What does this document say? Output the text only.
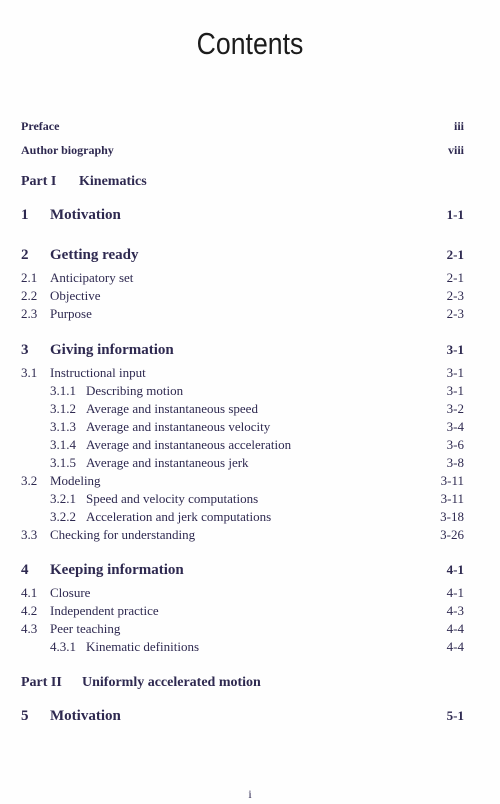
Contents
Preface	iii
Author biography	viii
Part I Kinematics
1 Motivation	1-1
2 Getting ready	2-1
2.1 Anticipatory set	2-1
2.2 Objective	2-3
2.3 Purpose	2-3
3 Giving information	3-1
3.1 Instructional input	3-1
3.1.1 Describing motion	3-1
3.1.2 Average and instantaneous speed	3-2
3.1.3 Average and instantaneous velocity	3-4
3.1.4 Average and instantaneous acceleration	3-6
3.1.5 Average and instantaneous jerk	3-8
3.2 Modeling	3-11
3.2.1 Speed and velocity computations	3-11
3.2.2 Acceleration and jerk computations	3-18
3.3 Checking for understanding	3-26
4 Keeping information	4-1
4.1 Closure	4-1
4.2 Independent practice	4-3
4.3 Peer teaching	4-4
4.3.1 Kinematic definitions	4-4
Part II Uniformly accelerated motion
5 Motivation	5-1
i
